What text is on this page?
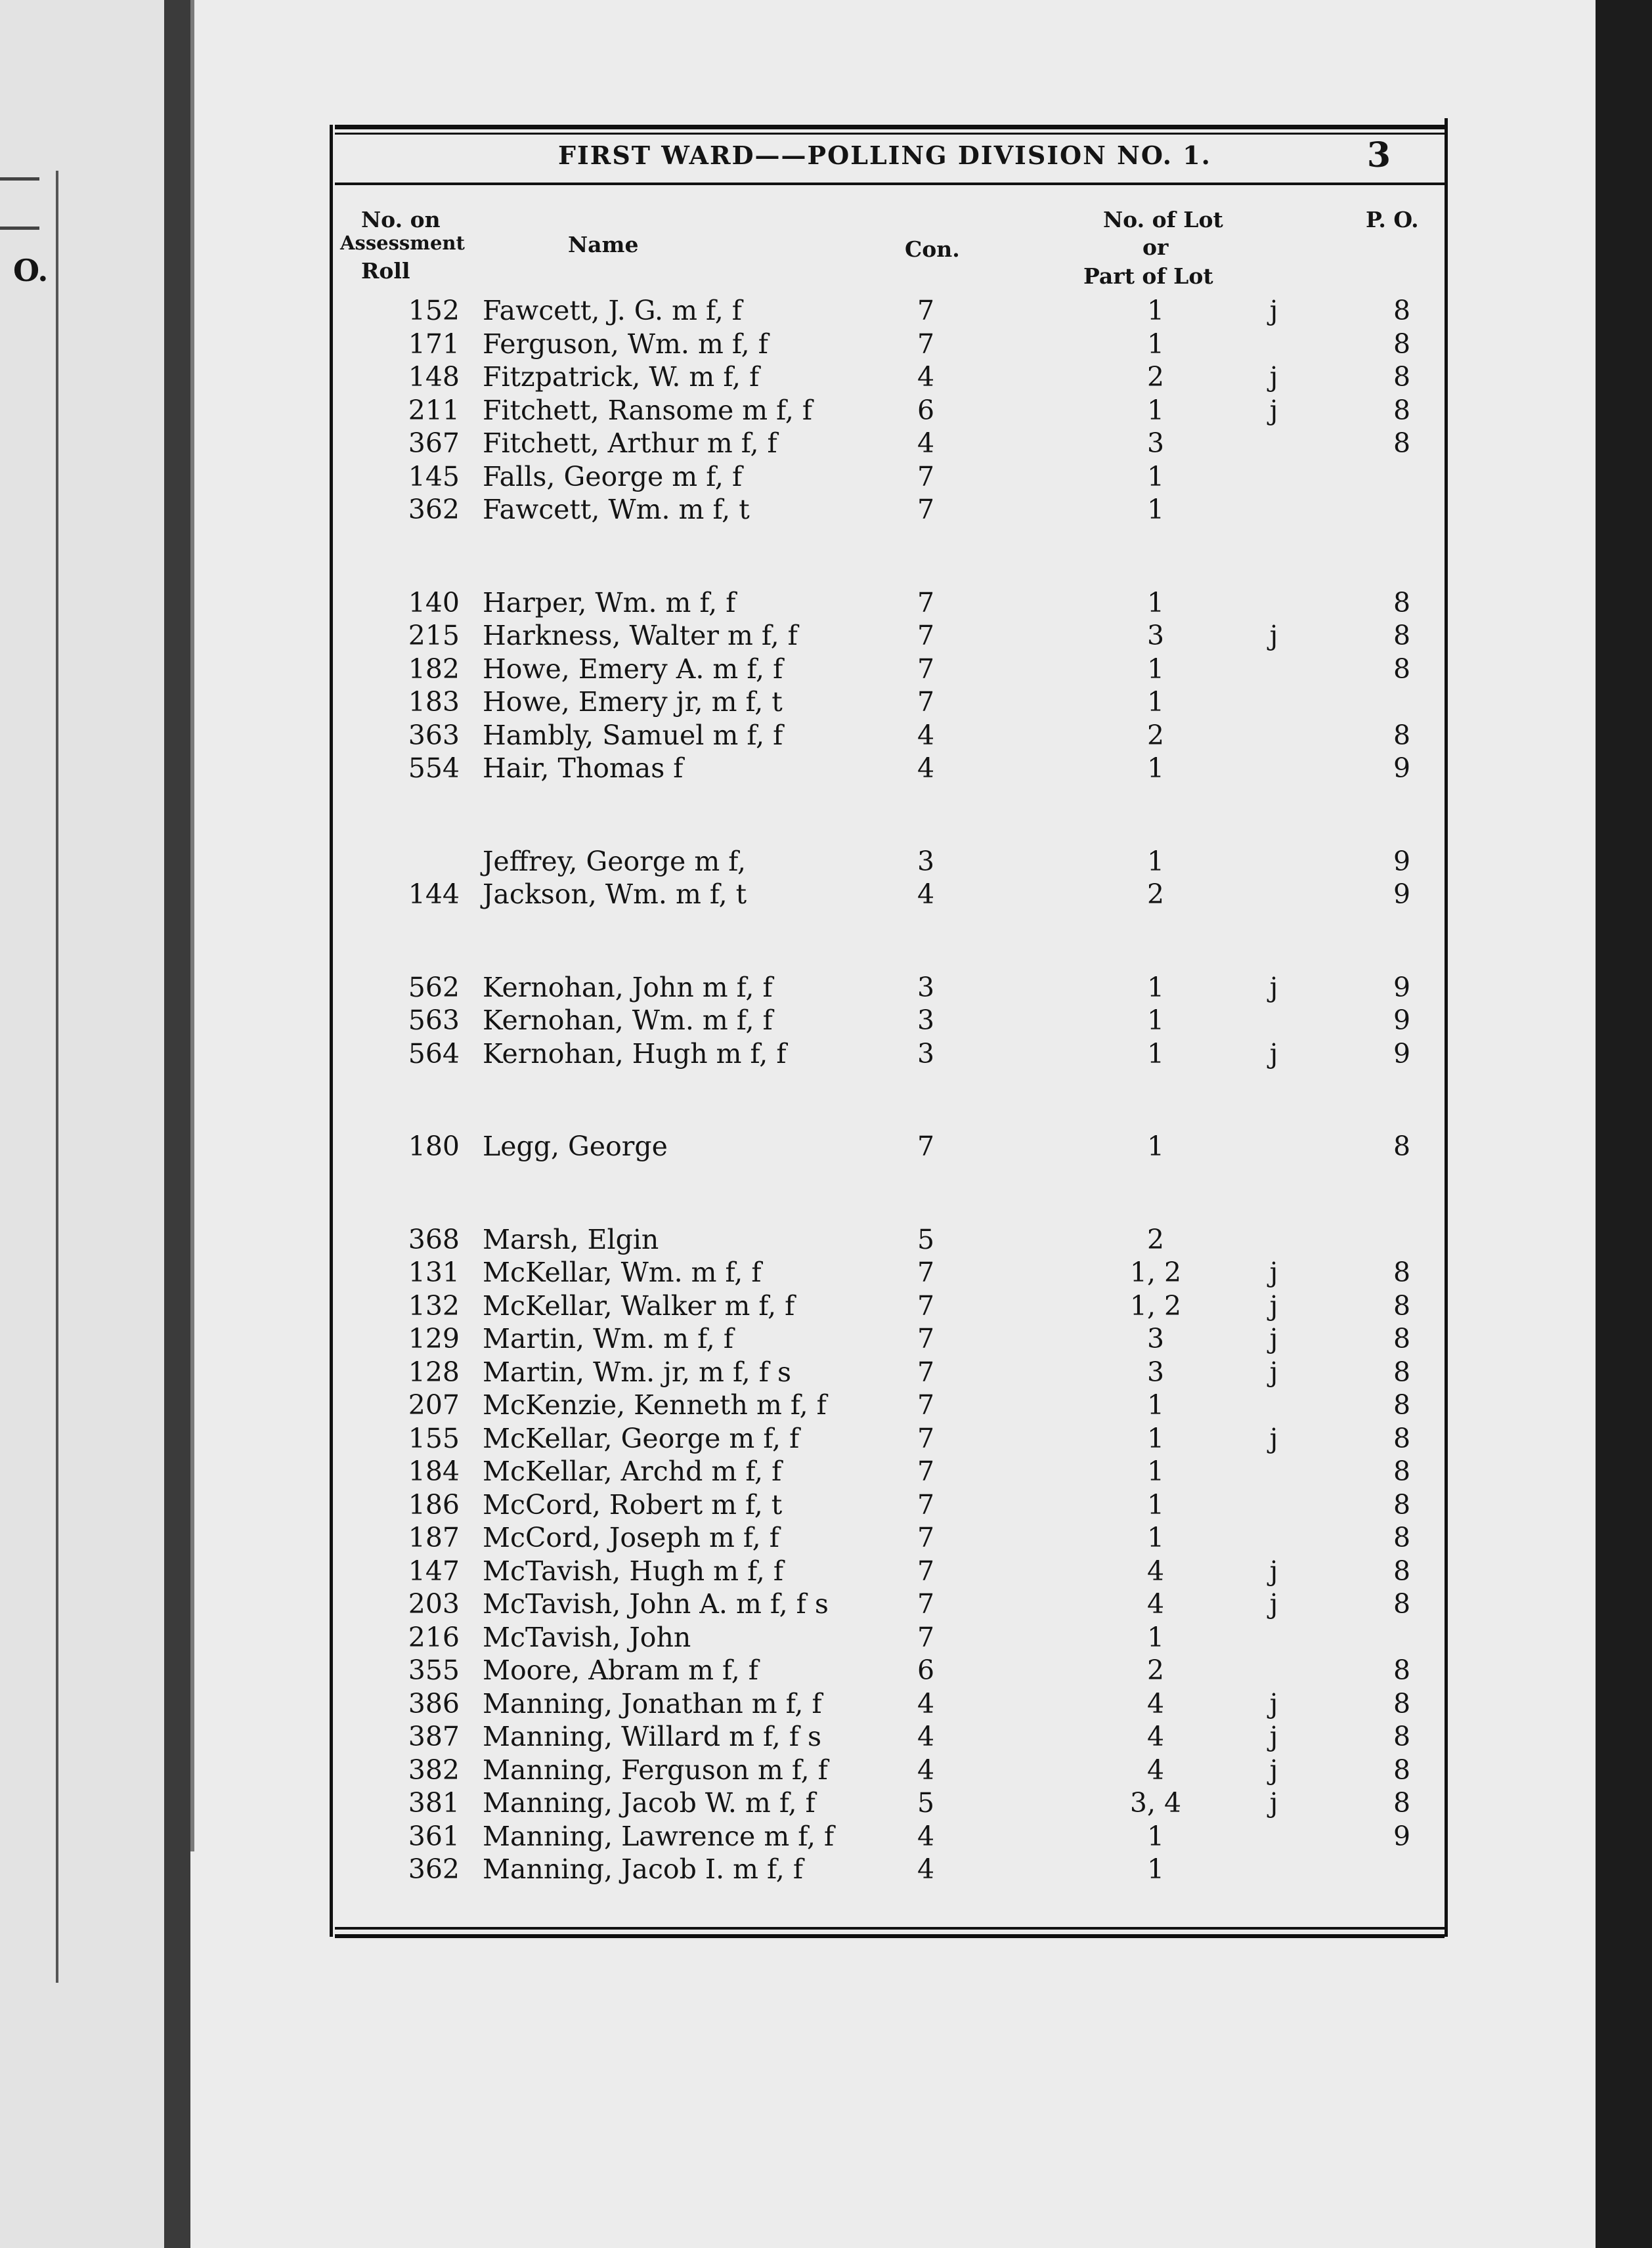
O.
FIRST WARD——POLLING DIVISION NO. 1.	3
No. on
Assessment
Roll
Name	Con.
No. of Lot
or
Part of Lot
P. O.
152 Fawcett, J. G. m f, f	7	1	j	8
171 Ferguson, Wm. m f, f	7	1	8
148 Fitzpatrick, W. m f, f	4	2	j	8
211 Fitchett, Ransome m f, f	6	1	j	8
367 Fitchett, Arthur m f, f	4	3	8
145 Falls, George m f, f	7	1
362 Fawcett, Wm. m f, t	7	1
140 Harper, Wm. m f, f	7	1	8
215 Harkness, Walter m f, f	7	3	j	8
182 Howe, Emery A. m f, f	7	1	8
183 Howe, Emery jr, m f, t	7	1
363 Hambly, Samuel m f, f	4	2	8
554 Hair, Thomas f	4	1	9
Jeffrey, George m f,	3	1	9
144 Jackson, Wm. m f, t	4	2	9
562 Kernohan, John m f, f	3	1	j	9
563 Kernohan, Wm. m f, f	3	1	9
564 Kernohan, Hugh m f, f	3	1	j	9
180 Legg, George	7	1	8
368 Marsh, Elgin	5	2
131 McKellar, Wm. m f, f	7	1, 2	j	8
132 McKellar, Walker m f, f	7	1, 2	j	8
129 Martin, Wm. m f, f	7	3	j	8
128 Martin, Wm. jr, m f, f s	7	3	j	8
207 McKenzie, Kenneth m f, f	7	1	8
155 McKellar, George m f, f	7	1	j	8
184 McKellar, Archd m f, f	7	1	8
186 McCord, Robert m f, t	7	1	8
187 McCord, Joseph m f, f	7	1	8
147 McTavish, Hugh m f, f	7	4	j	8
203 McTavish, John A. m f, f s	7	4	j	8
216 McTavish, John	7	1
355 Moore, Abram m f, f	6	2	8
386 Manning, Jonathan m f, f	4	4	j	8
387 Manning, Willard m f, f s	4	4	j	8
382 Manning, Ferguson m f, f	4	4	j	8
381 Manning, Jacob W. m f, f	5	3, 4	j	8
361 Manning, Lawrence m f, f	4	1	9
362 Manning, Jacob I. m f, f	4	1
